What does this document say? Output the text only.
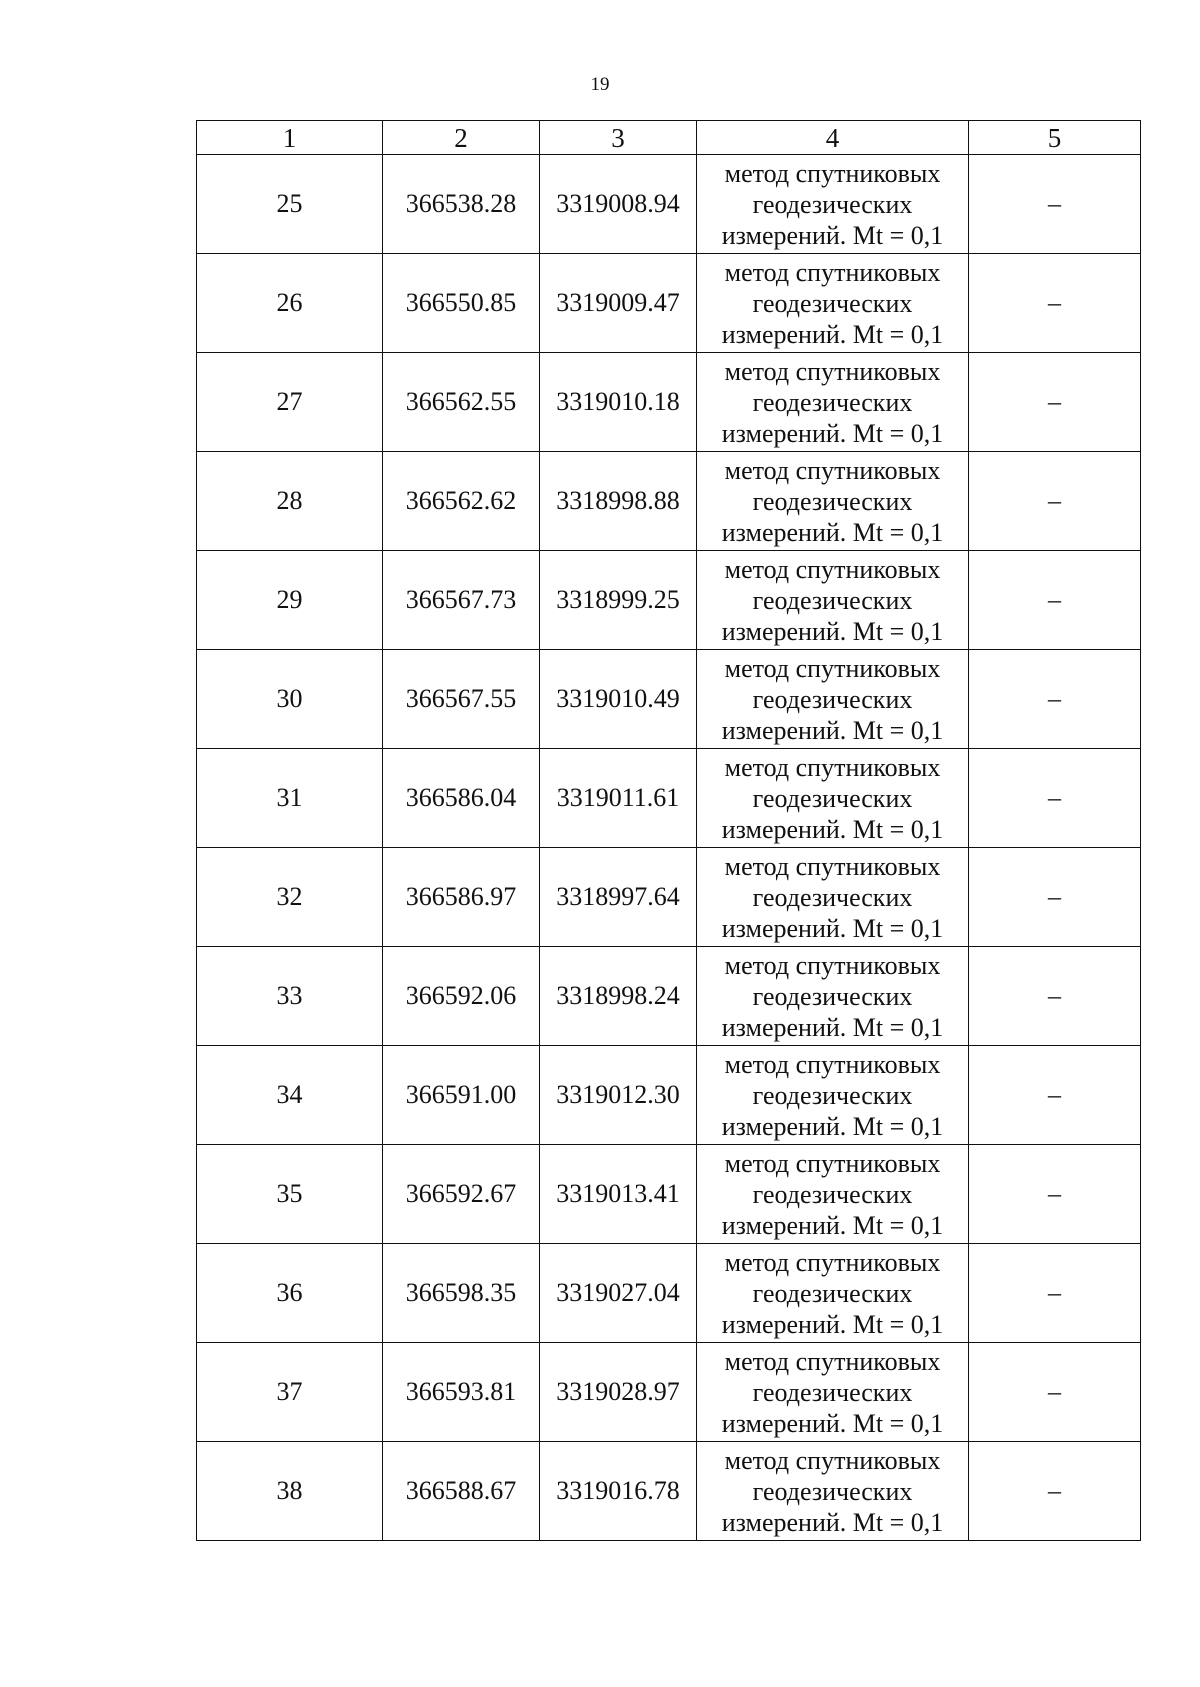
19
1	2	3	4	5
25	366538.28	3319008.94	метод спутниковых
геодезических
измерений. Mt = 0,1	–
26	366550.85	3319009.47	метод спутниковых
геодезических
измерений. Mt = 0,1	–
27	366562.55	3319010.18	метод спутниковых
геодезических
измерений. Mt = 0,1	–
28	366562.62	3318998.88	метод спутниковых
геодезических
измерений. Mt = 0,1	–
29	366567.73	3318999.25	метод спутниковых
геодезических
измерений. Mt = 0,1	–
30	366567.55	3319010.49	метод спутниковых
геодезических
измерений. Mt = 0,1	–
31	366586.04	3319011.61	метод спутниковых
геодезических
измерений. Mt = 0,1	–
32	366586.97	3318997.64	метод спутниковых
геодезических
измерений. Mt = 0,1	–
33	366592.06	3318998.24	метод спутниковых
геодезических
измерений. Mt = 0,1	–
34	366591.00	3319012.30	метод спутниковых
геодезических
измерений. Mt = 0,1	–
35	366592.67	3319013.41	метод спутниковых
геодезических
измерений. Mt = 0,1	–
36	366598.35	3319027.04	метод спутниковых
геодезических
измерений. Mt = 0,1	–
37	366593.81	3319028.97	метод спутниковых
геодезических
измерений. Mt = 0,1	–
38	366588.67	3319016.78	метод спутниковых
геодезических
измерений. Mt = 0,1	–
